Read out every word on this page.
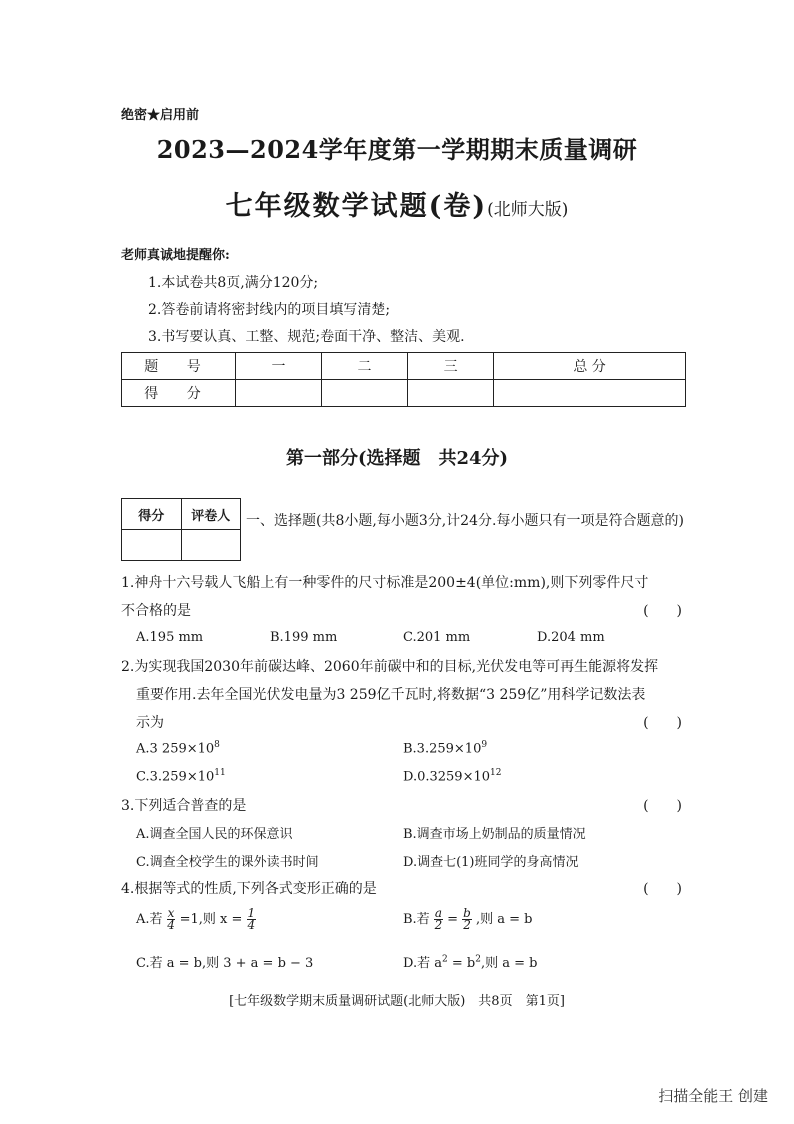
绝密★启用前
2023—2024学年度第一学期期末质量调研
七年级数学试题(卷)(北师大版)
老师真诚地提醒你:
1.本试卷共8页,满分120分;
2.答卷前请将密封线内的项目填写清楚;
3.书写要认真、工整、规范;卷面干净、整洁、美观.
题 号	一	二	三	总 分
得 分				
第一部分(选择题　共24分)
得分	评卷人
	一、选择题(共8小题,每小题3分,计24分.每小题只有一项是符合题意的)
1.神舟十六号载人飞船上有一种零件的尺寸标准是200±4(单位:mm),则下列零件尺寸
不合格的是	(　　)
A.195 mm	B.199 mm	C.201 mm	D.204 mm
2.为实现我国2030年前碳达峰、2060年前碳中和的目标,光伏发电等可再生能源将发挥
重要作用.去年全国光伏发电量为3 259亿千瓦时,将数据“3 259亿”用科学记数法表
示为	(　　)
A.3 $259\times 10^8$	$B.3.259\times 10^9$
$C.3.259\times 10^{11}$	$D.0.3259\times 10^{12}$
3.下列适合普查的是	(　　)
A.调查全国人民的环保意识	B.调查市场上奶制品的质量情况
C.调查全校学生的课外读书时间	D.调查七(1)班同学的身高情况
4.根据等式的性质,下列各式变形正确的是	(　　)
A.若 $\frac{x}{4} =1$,则 $x = \frac{1}{4}$	B.若 $\frac{a}{2} = \frac{b}{2}$ ,则 a = b
C.若 a = b,则 3 + a = b − 3	D.若 $a^2 = b^2$,则 a = b
[七年级数学期末质量调研试题(北师大版)　共8页　第1页]
扫描全能王 创建
